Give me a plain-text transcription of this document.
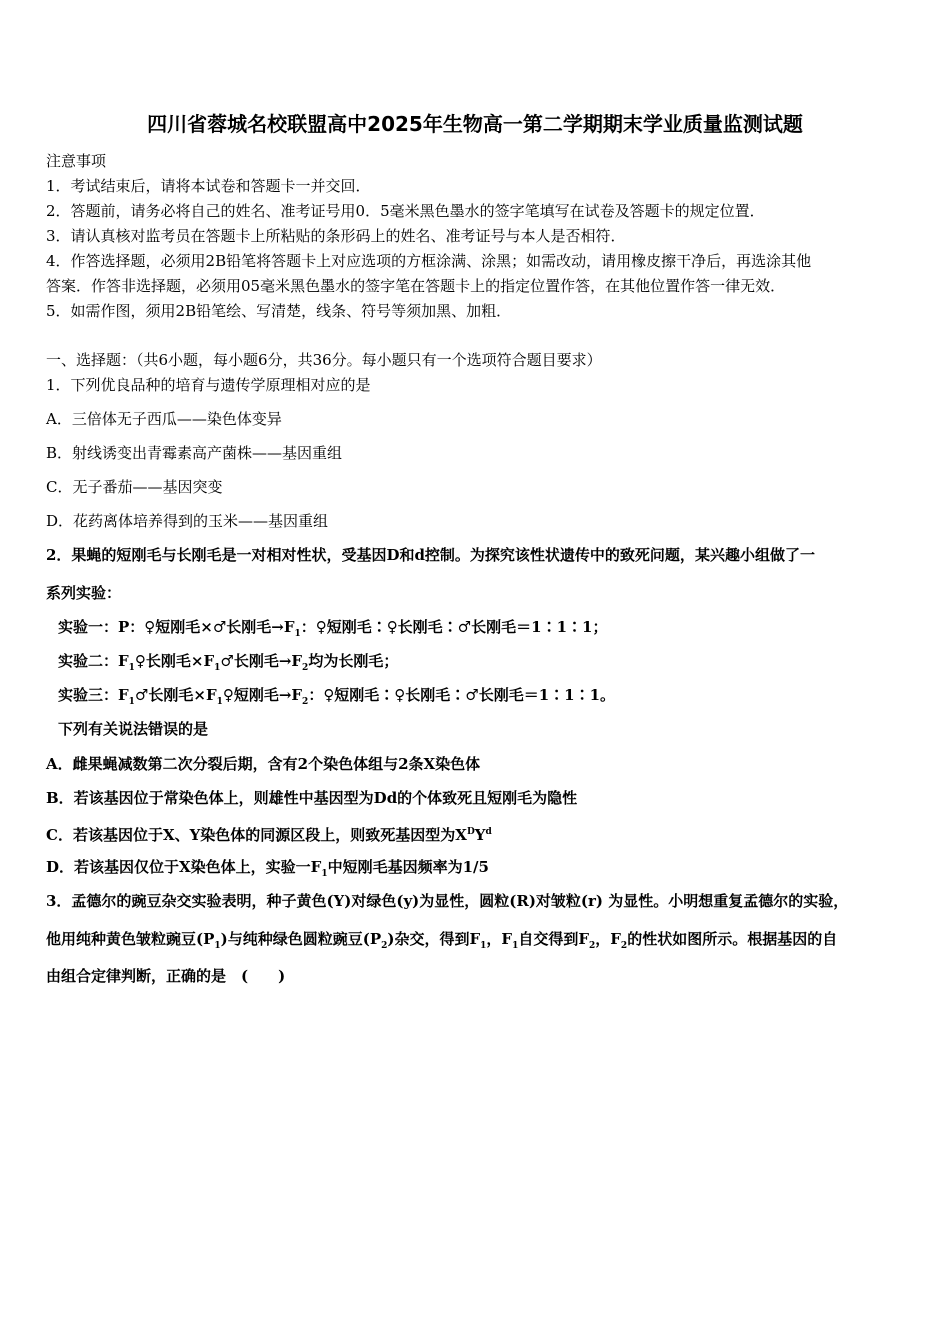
四川省蓉城名校联盟高中2025年生物高一第二学期期末学业质量监测试题
注意事项
1．考试结束后，请将本试卷和答题卡一并交回．
2．答题前，请务必将自己的姓名、准考证号用0．5毫米黑色墨水的签字笔填写在试卷及答题卡的规定位置．
3．请认真核对监考员在答题卡上所粘贴的条形码上的姓名、准考证号与本人是否相符．
4．作答选择题，必须用2B铅笔将答题卡上对应选项的方框涂满、涂黑；如需改动，请用橡皮擦干净后，再选涂其他
答案．作答非选择题，必须用05毫米黑色墨水的签字笔在答题卡上的指定位置作答，在其他位置作答一律无效．
5．如需作图，须用2B铅笔绘、写清楚，线条、符号等须加黑、加粗．
一、选择题：（共6小题，每小题6分，共36分。每小题只有一个选项符合题目要求）
1．下列优良品种的培育与遗传学原理相对应的是
A．三倍体无子西瓜——染色体变异
B．射线诱变出青霉素高产菌株——基因重组
C．无子番茄——基因突变
D．花药离体培养得到的玉米——基因重组
2．果蝇的短刚毛与长刚毛是一对相对性状，受基因D和d控制。为探究该性状遗传中的致死问题，某兴趣小组做了一
系列实验：
实验一：P：♀短刚毛×♂长刚毛$\to F_1$：♀短刚毛∶♀长刚毛∶♂长刚毛＝1∶1∶1；
实验二：$F_1♀$长刚毛$\times F_1♂$长刚毛$\to F_2$均为长刚毛；
实验三：$F_1♂$长刚毛$\times F_1♀$短刚毛$\to F_2$：♀短刚毛∶♀长刚毛∶♂长刚毛＝1∶1∶1。
下列有关说法错误的是
A．雌果蝇减数第二次分裂后期，含有2个染色体组与2条X染色体
B．若该基因位于常染色体上，则雄性中基因型为Dd的个体致死且短刚毛为隐性
C．若该基因位于X、Y染色体的同源区段上，则致死基因型为$X^DY^d$
D．若该基因仅位于X染色体上，实验一$F_1$中短刚毛基因频率为1/5
3．孟德尔的豌豆杂交实验表明，种子黄色(Y)对绿色(y)为显性，圆粒(R)对皱粒(r) 为显性。小明想重复孟德尔的实验，
他用纯种黄色皱粒豌豆$(P_1)$与纯种绿色圆粒豌豆$(P_2)$杂交，得到$F_1$，$F_1$自交得到$F_2$，$F_2$的性状如图所示。根据基因的自
由组合定律判断，正确的是　(　　)
